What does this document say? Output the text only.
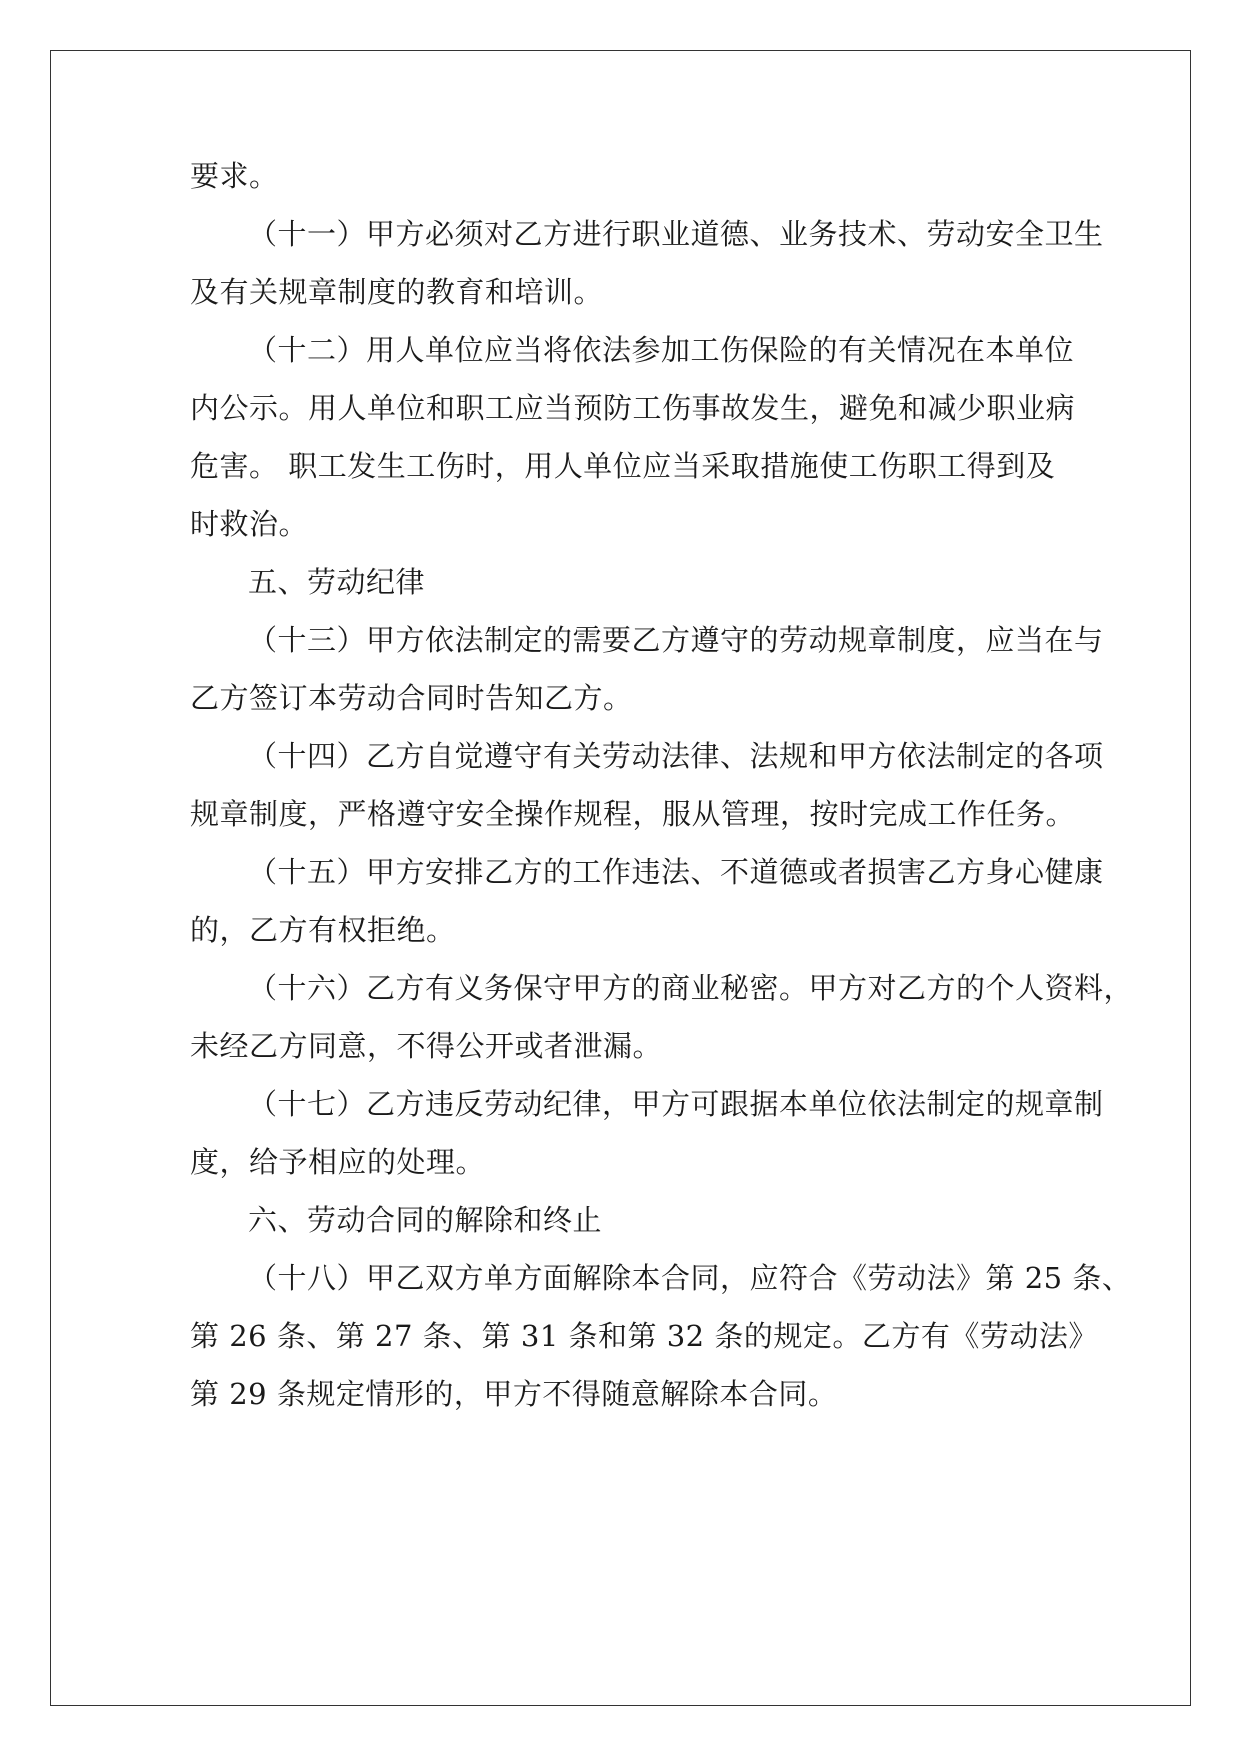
要求。
（十一）甲方必须对乙方进行职业道德、业务技术、劳动安全卫生
及有关规章制度的教育和培训。
（十二）用人单位应当将依法参加工伤保险的有关情况在本单位
内公示。用人单位和职工应当预防工伤事故发生，避免和减少职业病
危害。 职工发生工伤时，用人单位应当采取措施使工伤职工得到及
时救治。
五、劳动纪律
（十三）甲方依法制定的需要乙方遵守的劳动规章制度，应当在与
乙方签订本劳动合同时告知乙方。
（十四）乙方自觉遵守有关劳动法律、法规和甲方依法制定的各项
规章制度，严格遵守安全操作规程，服从管理，按时完成工作任务。
（十五）甲方安排乙方的工作违法、不道德或者损害乙方身心健康
的，乙方有权拒绝。
（十六）乙方有义务保守甲方的商业秘密。甲方对乙方的个人资料，
未经乙方同意，不得公开或者泄漏。
（十七）乙方违反劳动纪律，甲方可跟据本单位依法制定的规章制
度，给予相应的处理。
六、劳动合同的解除和终止
（十八）甲乙双方单方面解除本合同，应符合《劳动法》第 25 条、
第 26 条、第 27 条、第 31 条和第 32 条的规定。乙方有《劳动法》
第 29 条规定情形的，甲方不得随意解除本合同。
